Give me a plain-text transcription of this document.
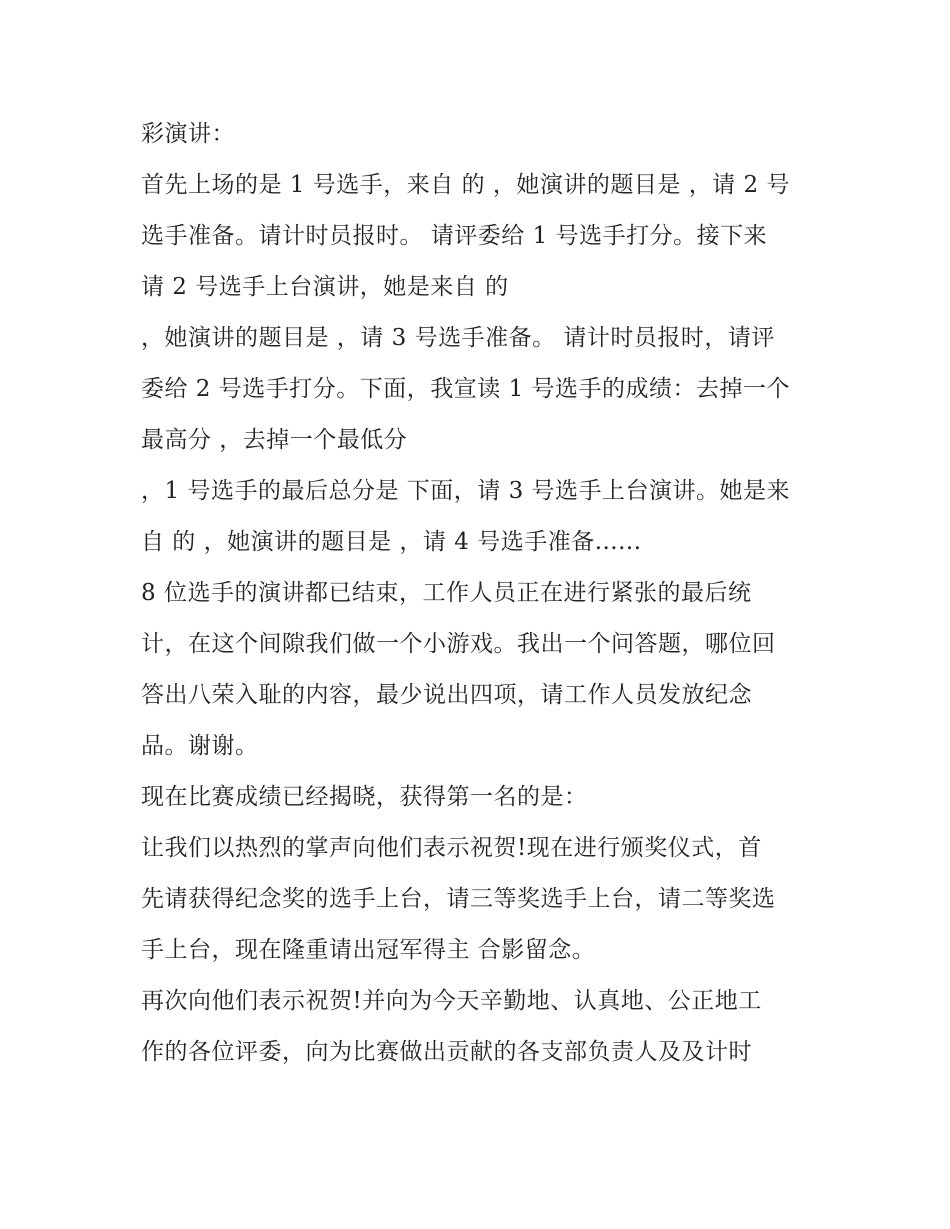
彩演讲：
首先上场的是 1 号选手，来自 的 ，她演讲的题目是 ，请 2 号
选手准备。请计时员报时。 请评委给 1 号选手打分。接下来
请 2 号选手上台演讲，她是来自 的
，她演讲的题目是 ，请 3 号选手准备。 请计时员报时，请评
委给 2 号选手打分。下面，我宣读 1 号选手的成绩：去掉一个
最高分 ，去掉一个最低分
，1 号选手的最后总分是 下面，请 3 号选手上台演讲。她是来
自 的 ，她演讲的题目是 ，请 4 号选手准备......
8 位选手的演讲都已结束，工作人员正在进行紧张的最后统
计，在这个间隙我们做一个小游戏。我出一个问答题，哪位回
答出八荣入耻的内容，最少说出四项，请工作人员发放纪念
品。谢谢。
现在比赛成绩已经揭晓，获得第一名的是：
让我们以热烈的掌声向他们表示祝贺!现在进行颁奖仪式，首
先请获得纪念奖的选手上台，请三等奖选手上台，请二等奖选
手上台，现在隆重请出冠军得主 合影留念。
再次向他们表示祝贺!并向为今天辛勤地、认真地、公正地工
作的各位评委，向为比赛做出贡献的各支部负责人及及计时
